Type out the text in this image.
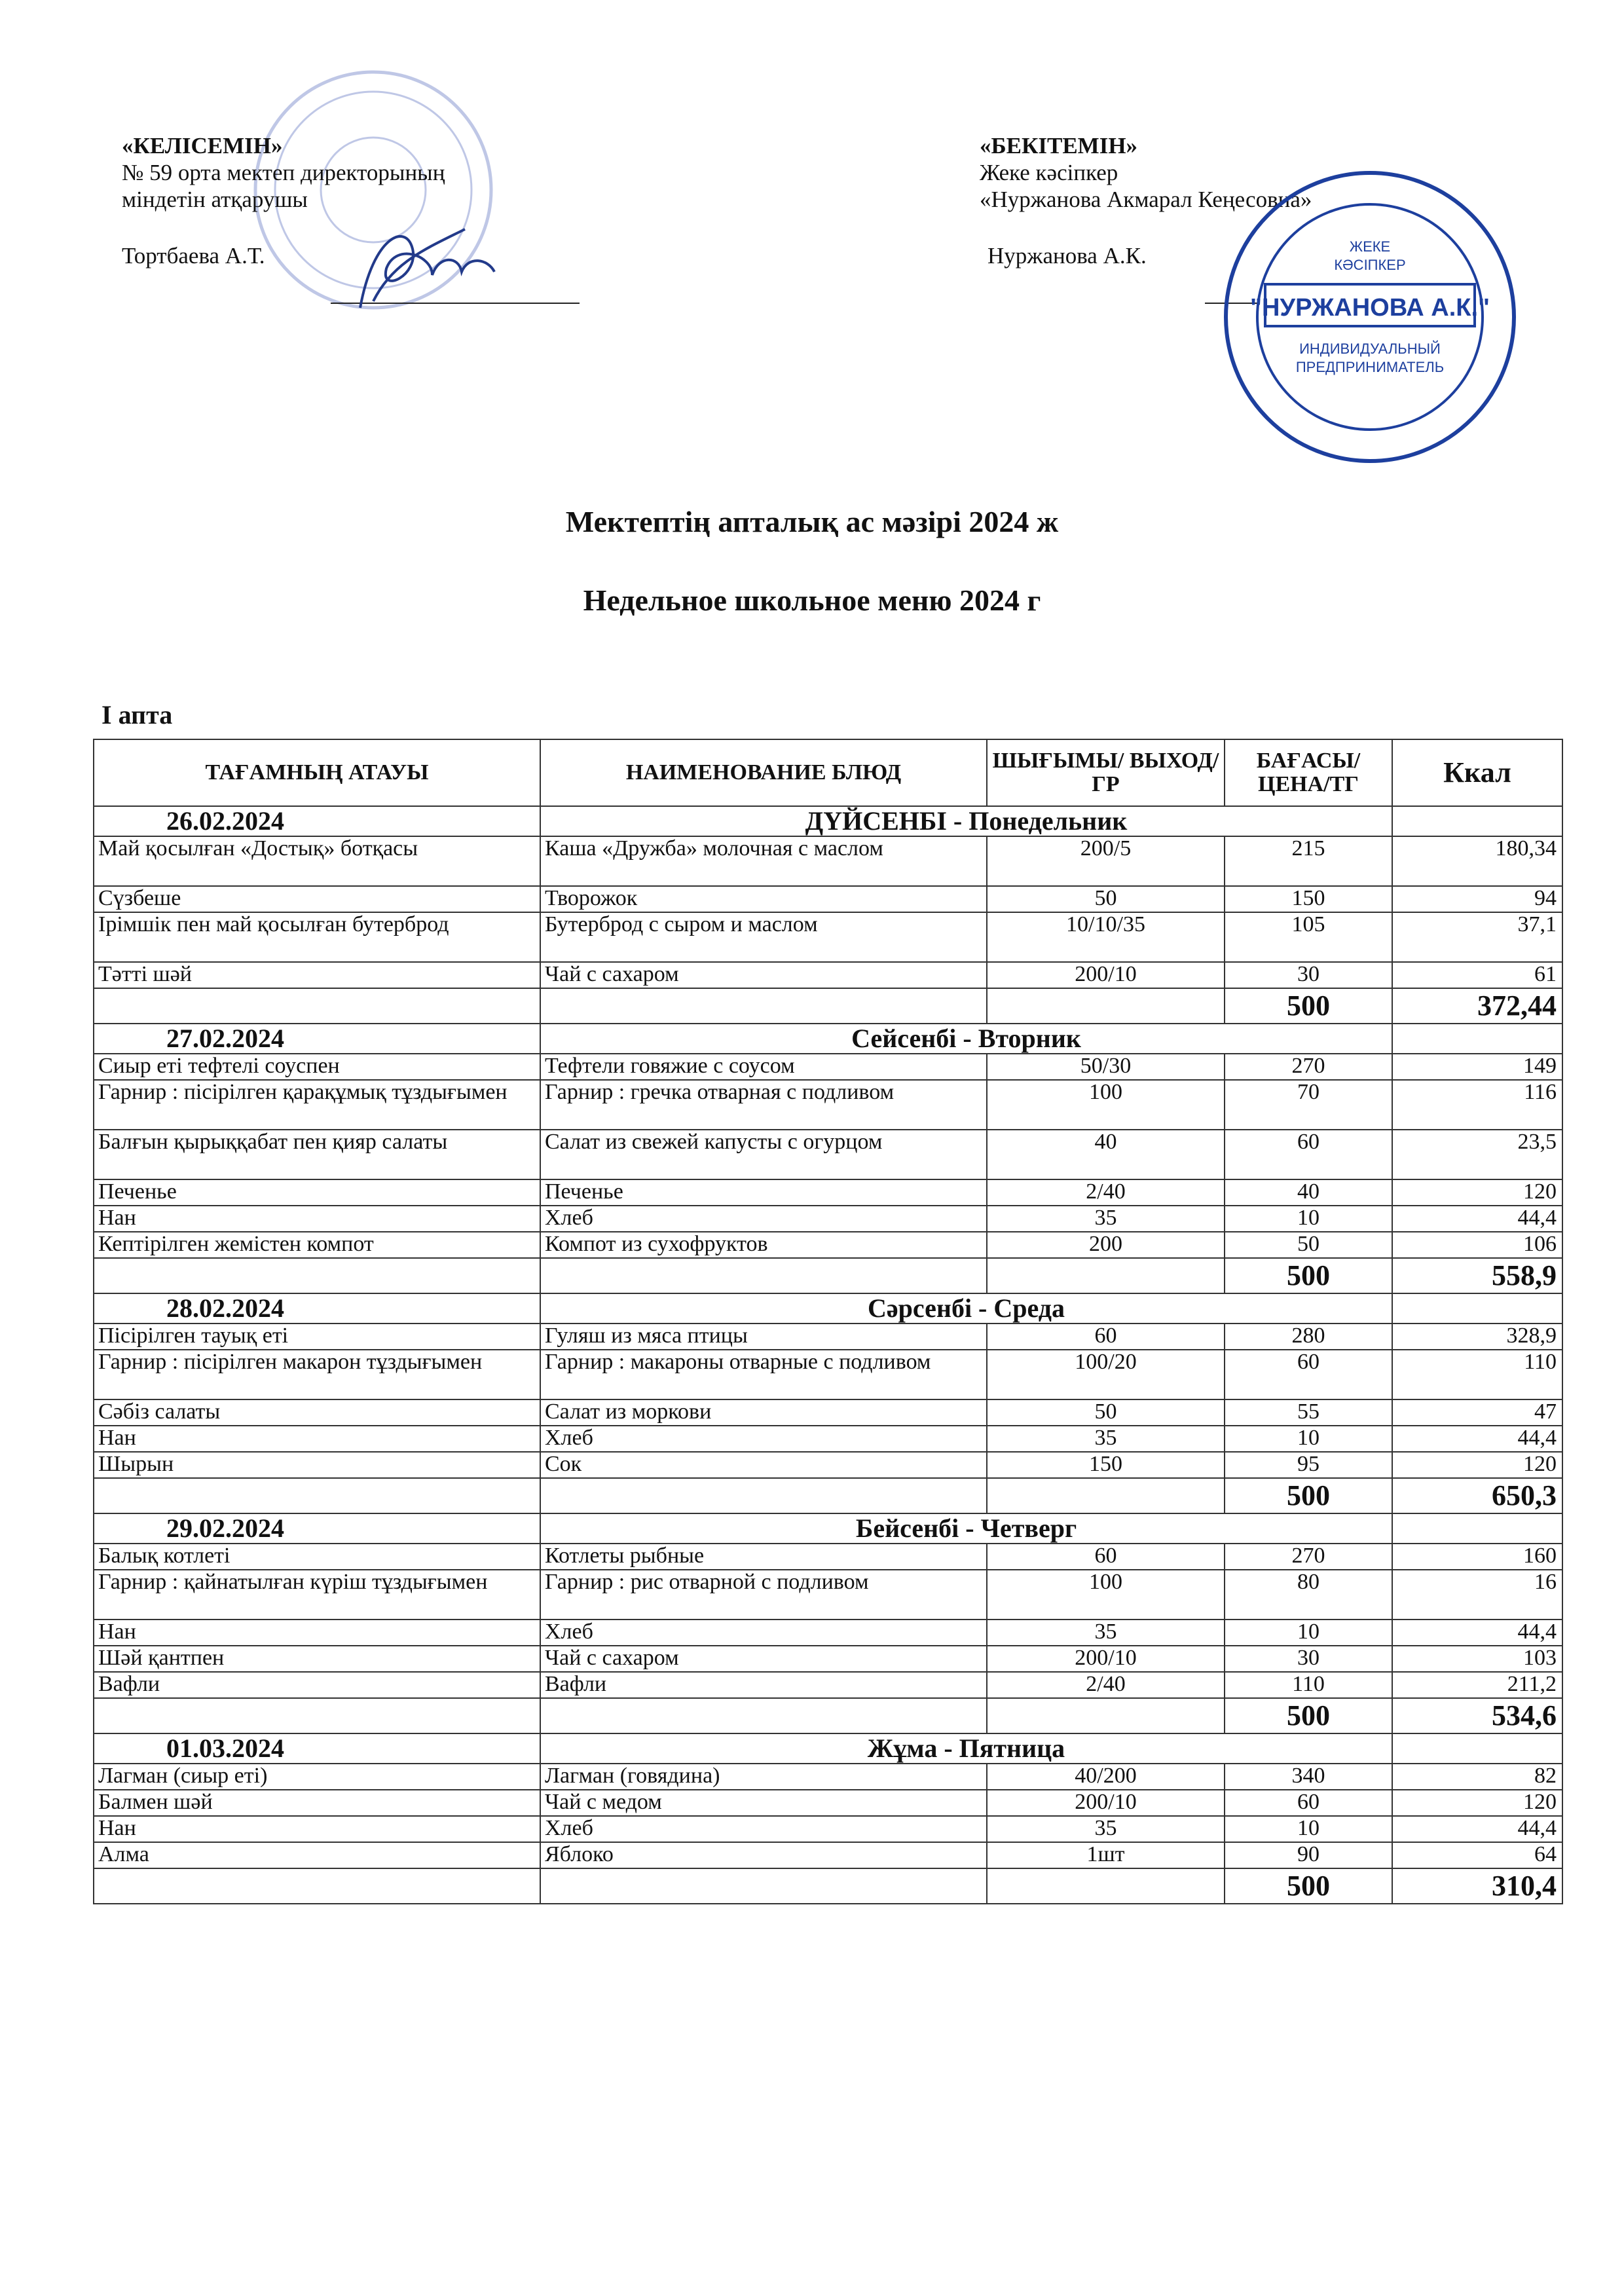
«КЕЛІСЕМІН»
№ 59 орта мектеп директорының
міндетін атқарушы
Тортбаева А.Т.
«БЕКІТЕМІН»
Жеке кәсіпкер
«Нуржанова Акмарал Кеңесовна»
Нуржанова А.К.
"НУРЖАНОВА А.К."
ИНДИВИДУАЛЬНЫЙ
ПРЕДПРИНИМАТЕЛЬ
ЖЕКЕ
КӘСІПКЕР
Мектептің апталық ас мәзірі 2024 ж
Недельное школьное меню 2024 г
І апта
ТАҒАМНЫҢ АТАУЫ	НАИМЕНОВАНИЕ БЛЮД	ШЫҒЫМЫ/ ВЫХОД/ГР	БАҒАСЫ/ ЦЕНА/ТГ	Ккал
26.02.2024	ДҮЙСЕНБІ - Понедельник			
Май қосылған «Достық» ботқасы	Каша «Дружба» молочная с маслом	200/5	215	180,34
Сүзбеше	Творожок	50	150	94
Ірімшік пен май қосылған бутерброд	Бутерброд с сыром и маслом	10/10/35	105	37,1
Тәтті шәй	Чай с сахаром	200/10	30	61
			500	372,44
27.02.2024	Сейсенбі - Вторник			
Сиыр еті тефтелі соуспен	Тефтели говяжие с соусом	50/30	270	149
Гарнир : пісірілген қарақұмық тұздығымен	Гарнир : гречка отварная с подливом	100	70	116
Балғын қырыққабат пен қияр салаты	Салат из свежей капусты с огурцом	40	60	23,5
Печенье	Печенье	2/40	40	120
Нан	Хлеб	35	10	44,4
Кептірілген жемістен компот	Компот из сухофруктов	200	50	106
			500	558,9
28.02.2024	Сәрсенбі - Среда			
Пісірілген тауық еті	Гуляш из мяса птицы	60	280	328,9
Гарнир : пісірілген макарон тұздығымен	Гарнир : макароны отварные с подливом	100/20	60	110
Сәбіз салаты	Салат из моркови	50	55	47
Нан	Хлеб	35	10	44,4
Шырын	Сок	150	95	120
			500	650,3
29.02.2024	Бейсенбі - Четверг			
Балық котлеті	Котлеты рыбные	60	270	160
Гарнир : қайнатылған күріш тұздығымен	Гарнир : рис отварной с подливом	100	80	16
Нан	Хлеб	35	10	44,4
Шәй қантпен	Чай с сахаром	200/10	30	103
Вафли	Вафли	2/40	110	211,2
			500	534,6
01.03.2024	Жұма - Пятница			
Лагман (сиыр еті)	Лагман (говядина)	40/200	340	82
Балмен шәй	Чай с медом	200/10	60	120
Нан	Хлеб	35	10	44,4
Алма	Яблоко	1шт	90	64
			500	310,4
